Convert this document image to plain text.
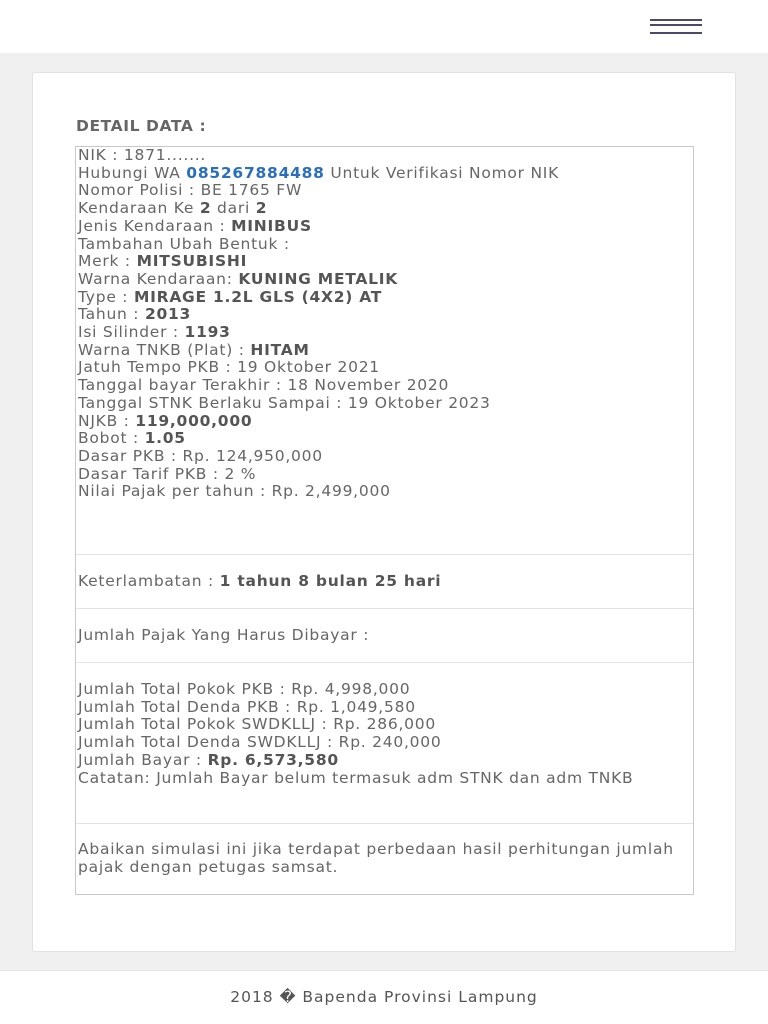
DETAIL DATA :
NIK : 1871.......
Hubungi WA 085267884488 Untuk Verifikasi Nomor NIK
Nomor Polisi : BE 1765 FW
Kendaraan Ke 2 dari 2
Jenis Kendaraan : MINIBUS
Tambahan Ubah Bentuk :
Merk : MITSUBISHI
Warna Kendaraan: KUNING METALIK
Type : MIRAGE 1.2L GLS (4X2) AT
Tahun : 2013
Isi Silinder : 1193
Warna TNKB (Plat) : HITAM
Jatuh Tempo PKB : 19 Oktober 2021
Tanggal bayar Terakhir : 18 November 2020
Tanggal STNK Berlaku Sampai : 19 Oktober 2023
NJKB : 119,000,000
Bobot : 1.05
Dasar PKB : Rp. 124,950,000
Dasar Tarif PKB : 2 %
Nilai Pajak per tahun : Rp. 2,499,000
Keterlambatan : 1 tahun 8 bulan 25 hari
Jumlah Pajak Yang Harus Dibayar :
Jumlah Total Pokok PKB : Rp. 4,998,000
Jumlah Total Denda PKB : Rp. 1,049,580
Jumlah Total Pokok SWDKLLJ : Rp. 286,000
Jumlah Total Denda SWDKLLJ : Rp. 240,000
Jumlah Bayar : Rp. 6,573,580
Catatan: Jumlah Bayar belum termasuk adm STNK dan adm TNKB
Abaikan simulasi ini jika terdapat perbedaan hasil perhitungan jumlah pajak dengan petugas samsat.
2018 � Bapenda Provinsi Lampung
